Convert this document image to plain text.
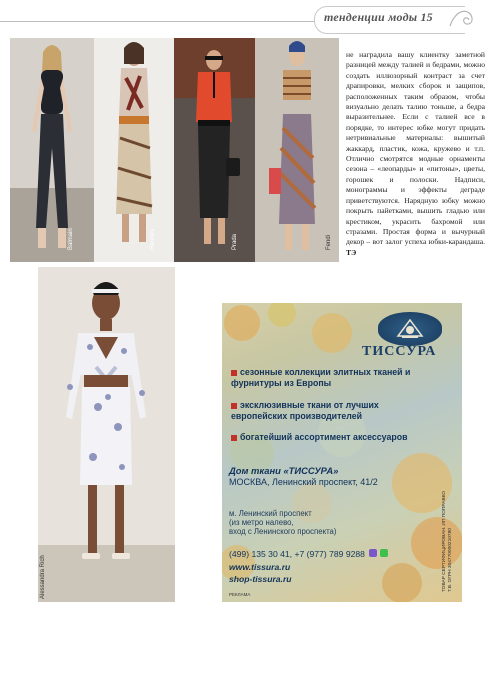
тенденции моды 15
Balmain	Hermès	Prada	Fendi
не наградила вашу клиентку заметной разницей между талией и бедрами, можно создать иллюзорный контраст за счет драпировки, мелких сборок и защипов, расположенных таким образом, чтобы визуально делать талию тоньше, а бедра выразительнее. Если с талией все в порядке, то интерес юбке могут придать нетривиальные материалы: вышитый жаккард, пластик, кожа, кружево и т.п. Отлично смотрятся модные орнаменты сезона – «леопарды» и «питоны», цветы, горошек и полоски. Надписи, монограммы и эффекты деграде приветствуются. Нарядную юбку можно покрыть пайетками, вышить гладью или крестиком, украсить бахромой или стразами. Простая форма и вычурный декор – вот залог успеха юбки-карандаша. ТЭ
Alessandra Rich
ТИССУРА
сезонные коллекции элитных тканей и фурнитуры из Европы
эксклюзивные ткани от лучших европейских производителей
богатейший ассортимент аксессуаров
Дом ткани «ТИССУРА»
МОСКВА, Ленинский проспект, 41/2
м. Ленинский проспект
(из метро налево,
вход с Ленинского проспекта)
(499) 135 30 41, +7 (977) 789 9288
www.tissura.ru
shop-tissura.ru
РЕКЛАМА
ТОВАР СЕРТИФИЦИРОВАН. ИП ПОПРАВКО Т.В. ОГРН 304770000210780
